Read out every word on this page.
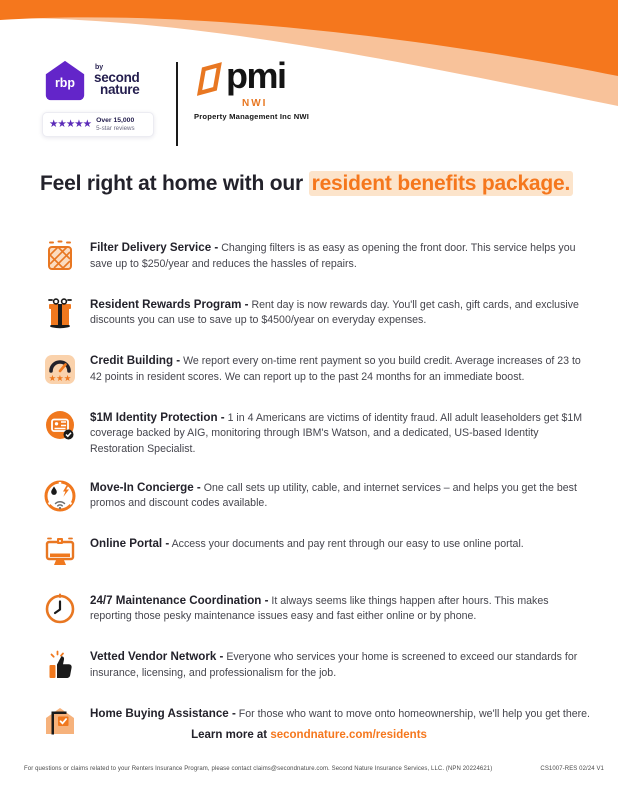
rbp
by
second
nature
★★★★★ Over 15,000
5-star reviews
pmi
NWI
Property Management Inc NWI
Feel right at home with our resident benefits package.

Filter Delivery Service - Changing filters is as easy as opening the front door. This service helps you save up to $250/year and reduces the hassles of repairs.

Resident Rewards Program - Rent day is now rewards day. You'll get cash, gift cards, and exclusive discounts you can use to save up to $4500/year on everyday expenses.

★★★

Credit Building - We report every on-time rent payment so you build credit. Average increases of 23 to 42 points in resident scores. We can report up to the past 24 months for an immediate boost.

$1M Identity Protection - 1 in 4 Americans are victims of identity fraud. All adult leaseholders get $1M coverage backed by AIG, monitoring through IBM's Watson, and a dedicated, US-based Identity Restoration Specialist.

Move-In Concierge - One call sets up utility, cable, and internet services – and helps you get the best promos and discount codes available.

Online Portal - Access your documents and pay rent through our easy to use online portal.

24/7 Maintenance Coordination - It always seems like things happen after hours. This makes reporting those pesky maintenance issues easy and fast either online or by phone.

Vetted Vendor Network - Everyone who services your home is screened to exceed our standards for insurance, licensing, and professionalism for the job.

Home Buying Assistance - For those who want to move onto homeownership, we'll help you get there.

Learn more at secondnature.com/residents
For questions or claims related to your Renters Insurance Program, please contact claims@secondnature.com. Second Nature Insurance Services, LLC. (NPN 20224621)	CS1007-RES 02/24 V1
